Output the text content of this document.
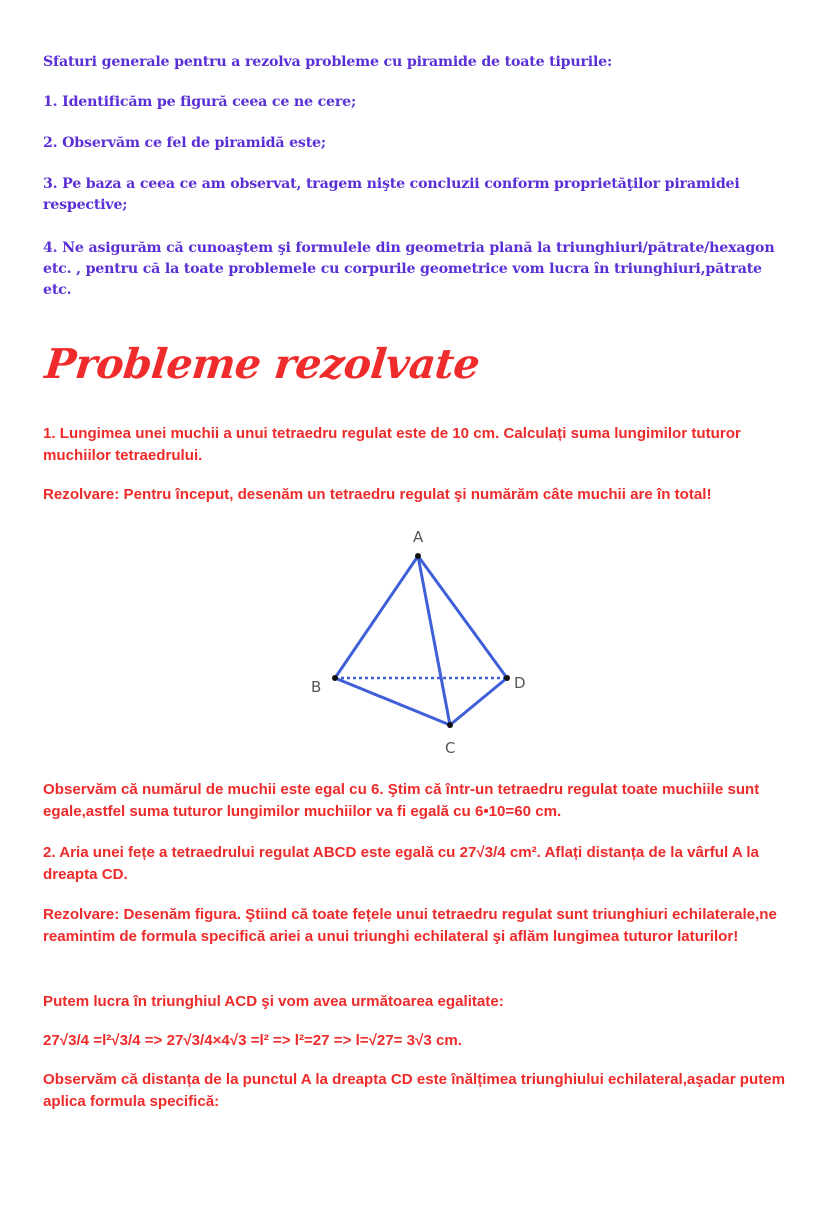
Sfaturi generale pentru a rezolva probleme cu piramide de toate tipurile:
1. Identificăm pe figură ceea ce ne cere;
2. Observăm ce fel de piramidă este;
3. Pe baza a ceea ce am observat, tragem nişte concluzii conform proprietăţilor piramidei respective;
4. Ne asigurăm că cunoaştem şi formulele din geometria plană la triunghiuri/pătrate/hexagon etc. , pentru că la toate problemele cu corpurile geometrice vom lucra în triunghiuri,pătrate etc.
Probleme rezolvate
1. Lungimea unei muchii a unui tetraedru regulat este de 10 cm. Calculați suma lungimilor tuturor muchiilor tetraedrului.
Rezolvare: Pentru început, desenăm un tetraedru regulat şi numărăm câte muchii are în total!
A
B
C
D
Observăm că numărul de muchii este egal cu 6. Ştim că într-un tetraedru regulat toate muchiile sunt egale,astfel suma tuturor lungimilor muchiilor va fi egală cu 6•10=60 cm.
2. Aria unei fețe a tetraedrului regulat ABCD este egală cu 27√3/4 cm². Aflați distanța de la vârful A la dreapta CD.
Rezolvare: Desenăm figura. Ştiind că toate fețele unui tetraedru regulat sunt triunghiuri echilaterale,ne reamintim de formula specifică ariei a unui triunghi echilateral şi aflăm lungimea tuturor laturilor!
Putem lucra în triunghiul ACD şi vom avea următoarea egalitate:
27√3/4 =l²√3/4 => 27√3/4×4√3 =l² => l²=27 => l=√27= 3√3 cm.
Observăm că distanța de la punctul A la dreapta CD este înălțimea triunghiului echilateral,aşadar putem aplica formula specifică:
